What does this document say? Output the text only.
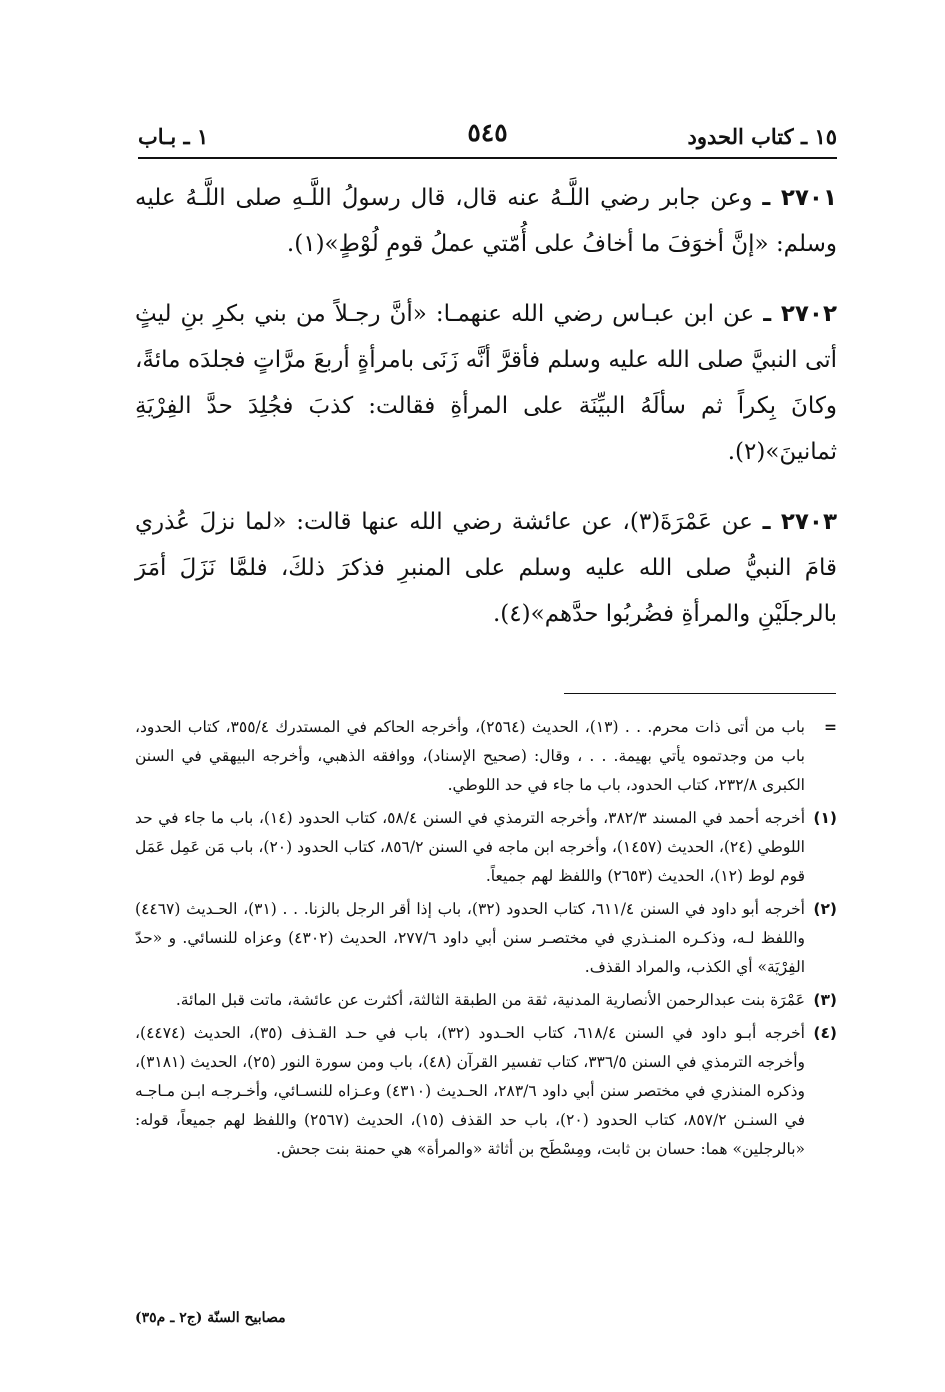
١٥ ـ كتاب الحدود
٥٤٥
١ ـ بـاب

٢٧٠١ ـ وعن جابر رضي اللَّـهُ عنه قال، قال رسولُ اللَّـهِ صلى اللَّـهُ عليه وسلم: «إنَّ أخوَفَ ما أخافُ على أُمّتي عملُ قومِ لُوْطٍ»(١).

٢٧٠٢ ـ عن ابن عبـاس رضي الله عنهمـا: «أنَّ رجـلاً من بني بكرِ بنِ ليثٍ أتى النبيَّ صلى الله عليه وسلم فأقرَّ أنَّه زَنَى بامرأةٍ أربعَ مرَّاتٍ فجلدَه مائةً، وكانَ بِكراً ثم سألَهُ البيِّنَة على المرأةِ فقالت: كذبَ فجُلِدَ حدَّ الفِرْيَةِ ثمانينَ»(٢).

٢٧٠٣ ـ عن عَمْرَةَ(٣)، عن عائشة رضي الله عنها قالت: «لما نزلَ عُذري قامَ النبيُّ صلى الله عليه وسلم على المنبرِ فذكرَ ذلكَ، فلمَّا نَزَلَ أمَرَ بالرجلَيْنِ والمرأةِ فضُربُوا حدَّهم»(٤).

=
باب من أتى ذات محرم. . . (١٣)، الحديث (٢٥٦٤)، وأخرجه الحاكم في المستدرك ٣٥٥/٤، كتاب الحدود، باب من وجدتموه يأتي بهيمة. . . ، وقال: (صحيح الإسناد)، ووافقه الذهبي، وأخرجه البيهقي في السنن الكبرى ٢٣٢/٨، كتاب الحدود، باب ما جاء في حد اللوطي.

(١)
أخرجه أحمد في المسند ٣٨٢/٣، وأخرجه الترمذي في السنن ٥٨/٤، كتاب الحدود (١٤)، باب ما جاء في حد اللوطي (٢٤)، الحديث (١٤٥٧)، وأخرجه ابن ماجه في السنن ٨٥٦/٢، كتاب الحدود (٢٠)، باب مَن عَمِل عَمَل قوم لوط (١٢)، الحديث (٢٦٥٣) واللفظ لهم جميعاً.

(٢)
أخرجه أبو داود في السنن ٦١١/٤، كتاب الحدود (٣٢)، باب إذا أقر الرجل بالزنا. . . (٣١)، الحـديث (٤٤٦٧) واللفظ لـه، وذكـره المنـذري في مختصـر سنن أبي داود ٢٧٧/٦، الحديث (٤٣٠٢) وعزاه للنسائي. و «حدّ الفِرْيَة» أي الكذب، والمراد القذف.

(٣)
عَمْرَة بنت عبدالرحمن الأنصارية المدنية، ثقة من الطبقة الثالثة، أكثرت عن عائشة، ماتت قبل المائة.

(٤)
أخرجه أبـو داود في السنن ٦١٨/٤، كتاب الحـدود (٣٢)، باب في حـد القـذف (٣٥)، الحديث (٤٤٧٤)، وأخرجه الترمذي في السنن ٣٣٦/٥، كتاب تفسير القرآن (٤٨)، باب ومن سورة النور (٢٥)، الحديث (٣١٨١)، وذكره المنذري في مختصر سنن أبي داود ٢٨٣/٦، الحـديث (٤٣١٠) وعـزاه للنسـائي، وأخـرجـه ابـن مـاجـه في السنـن ٨٥٧/٢، كتاب الحدود (٢٠)، باب حد القذف (١٥)، الحديث (٢٥٦٧) واللفظ لهم جميعاً، قوله: «بالرجلين» هما: حسان بن ثابت، ومِسْطَح بن أثاثة «والمرأة» هي حمنة بنت جحش.

مصابيح السنّة (ج٢ ـ م٣٥)
